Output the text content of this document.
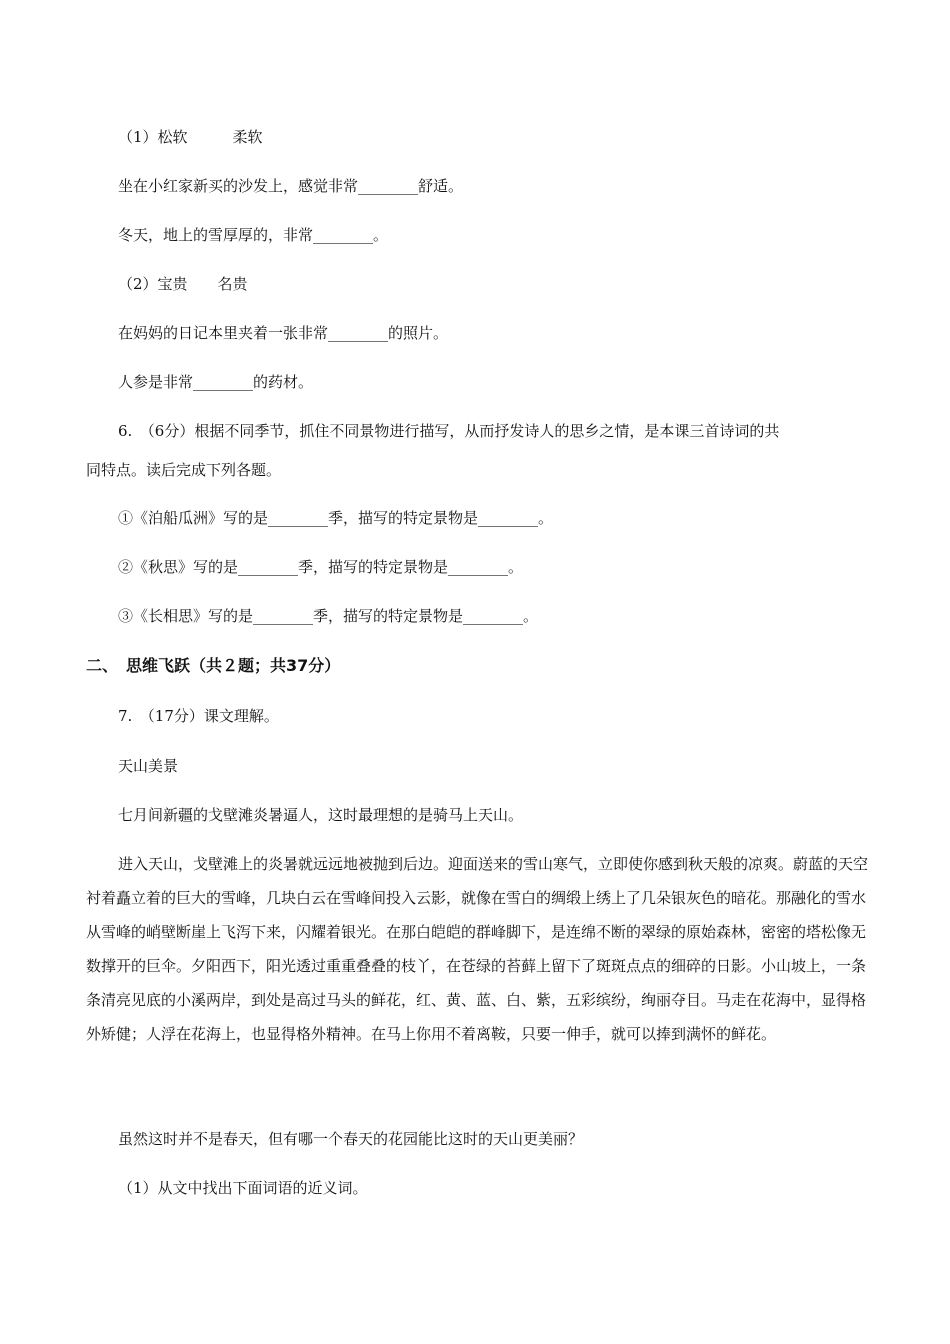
（1）松软　　　柔软
坐在小红家新买的沙发上，感觉非常________舒适。
冬天，地上的雪厚厚的，非常________。
（2）宝贵　　名贵
在妈妈的日记本里夹着一张非常________的照片。
人参是非常________的药材。
6.　（6分）根据不同季节，抓住不同景物进行描写，从而抒发诗人的思乡之情，是本课三首诗词的共
同特点。读后完成下列各题。
①《泊船瓜洲》写的是________季，描写的特定景物是________。
②《秋思》写的是________季，描写的特定景物是________。
③《长相思》写的是________季，描写的特定景物是________。
二、　思维飞跃（共２题；共37分）
7.　（17分）课文理解。
天山美景
七月间新疆的戈壁滩炎暑逼人，这时最理想的是骑马上天山。
进入天山，戈壁滩上的炎暑就远远地被抛到后边。迎面送来的雪山寒气，立即使你感到秋天般的凉爽。蔚蓝的天空衬着矗立着的巨大的雪峰，几块白云在雪峰间投入云影，就像在雪白的绸缎上绣上了几朵银灰色的暗花。那融化的雪水从雪峰的峭壁断崖上飞泻下来，闪耀着银光。在那白皑皑的群峰脚下，是连绵不断的翠绿的原始森林，密密的塔松像无数撑开的巨伞。夕阳西下，阳光透过重重叠叠的枝丫，在苍绿的苔藓上留下了斑斑点点的细碎的日影。小山坡上，一条条清亮见底的小溪两岸，到处是高过马头的鲜花，红、黄、蓝、白、紫，五彩缤纷，绚丽夺目。马走在花海中，显得格外矫健；人浮在花海上，也显得格外精神。在马上你用不着离鞍，只要一伸手，就可以捧到满怀的鲜花。
虽然这时并不是春天，但有哪一个春天的花园能比这时的天山更美丽？
（1）从文中找出下面词语的近义词。
